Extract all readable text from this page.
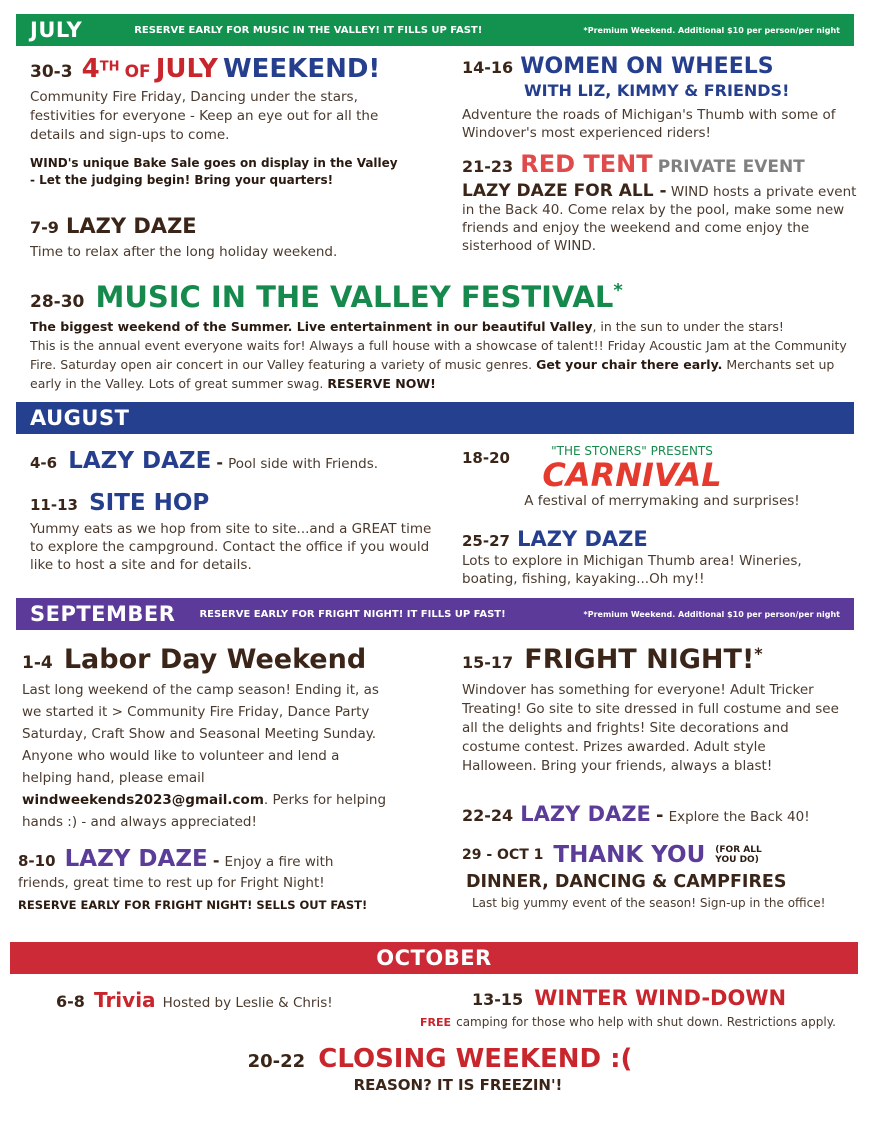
JULY	RESERVE EARLY FOR MUSIC IN THE VALLEY! IT FILLS UP FAST!	*Premium Weekend. Additional $10 per person/per night
30-3 4TH OF JULY WEEKEND!
Community Fire Friday, Dancing under the stars, festivities for everyone - Keep an eye out for all the details and sign-ups to come.
WIND's unique Bake Sale goes on display in the Valley - Let the judging begin! Bring your quarters!
7-9 LAZY DAZE
Time to relax after the long holiday weekend.
14-16 WOMEN ON WHEELS
WITH LIZ, KIMMY & FRIENDS!
Adventure the roads of Michigan's Thumb with some of Windover's most experienced riders!
21-23 RED TENT PRIVATE EVENT
LAZY DAZE FOR ALL - WIND hosts a private event in the Back 40. Come relax by the pool, make some new friends and enjoy the weekend and come enjoy the sisterhood of WIND.
28-30 MUSIC IN THE VALLEY FESTIVAL*
The biggest weekend of the Summer. Live entertainment in our beautiful Valley, in the sun to under the stars!
This is the annual event everyone waits for! Always a full house with a showcase of talent!! Friday Acoustic Jam at the Community Fire. Saturday open air concert in our Valley featuring a variety of music genres. Get your chair there early. Merchants set up early in the Valley. Lots of great summer swag. RESERVE NOW!
AUGUST
4-6 LAZY DAZE - Pool side with Friends.
11-13 SITE HOP
Yummy eats as we hop from site to site...and a GREAT time to explore the campground. Contact the office if you would like to host a site and for details.
18-20	"THE STONERS" PRESENTS
CARNIVAL
A festival of merrymaking and surprises!
25-27 LAZY DAZE
Lots to explore in Michigan Thumb area! Wineries, boating, fishing, kayaking...Oh my!!
SEPTEMBER RESERVE EARLY FOR FRIGHT NIGHT! IT FILLS UP FAST!	*Premium Weekend. Additional $10 per person/per night
1-4 Labor Day Weekend
Last long weekend of the camp season! Ending it, as we started it > Community Fire Friday, Dance Party Saturday, Craft Show and Seasonal Meeting Sunday. Anyone who would like to volunteer and lend a helping hand, please email windweekends2023@gmail.com. Perks for helping hands :) - and always appreciated!
8-10 LAZY DAZE - Enjoy a fire with
friends, great time to rest up for Fright Night!
RESERVE EARLY FOR FRIGHT NIGHT! SELLS OUT FAST!
15-17 FRIGHT NIGHT!*
Windover has something for everyone! Adult Tricker Treating! Go site to site dressed in full costume and see all the delights and frights! Site decorations and costume contest. Prizes awarded. Adult style Halloween. Bring your friends, always a blast!
22-24 LAZY DAZE - Explore the Back 40!
29 - OCT 1 THANK YOU (FOR ALL
YOU DO)
DINNER, DANCING & CAMPFIRES
Last big yummy event of the season! Sign-up in the office!
OCTOBER
6-8 Trivia Hosted by Leslie & Chris!	13-15 WINTER WIND-DOWN
FREE camping for those who help with shut down. Restrictions apply.
20-22 CLOSING WEEKEND :(
REASON? IT IS FREEZIN'!
